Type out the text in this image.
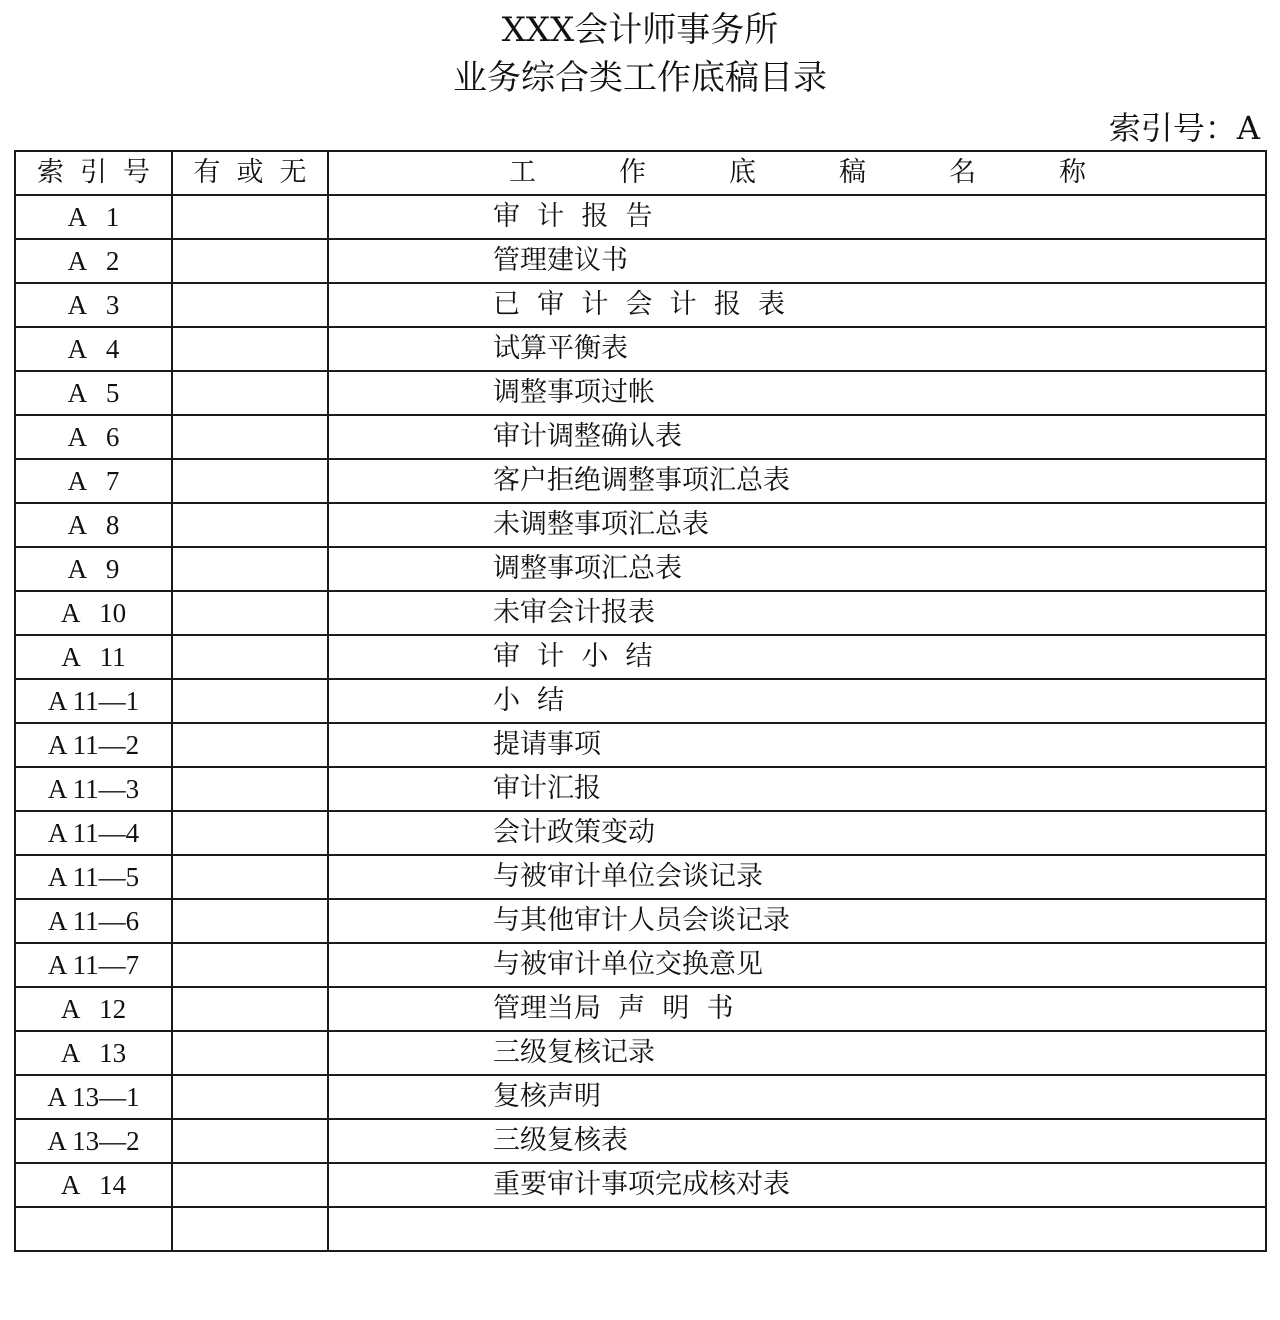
XXX会计师事务所
业务综合类工作底稿目录
索引号：A
索引号	有或无	工 作 底 稿 名 称
A   1		审  计  报  告
A   2		管理建议书
A   3		已  审  计  会  计  报  表
A   4		试算平衡表
A   5		调整事项过帐
A   6		审计调整确认表
A   7		客户拒绝调整事项汇总表
A   8		未调整事项汇总表
A   9		调整事项汇总表
A   10		未审会计报表
A   11		审  计  小  结
A 11—1		小  结
A 11—2		提请事项
A 11—3		审计汇报
A 11—4		会计政策变动
A 11—5		与被审计单位会谈记录
A 11—6		与其他审计人员会谈记录
A 11—7		与被审计单位交换意见
A   12		管理当局  声  明  书
A   13		三级复核记录
A 13—1		复核声明
A 13—2		三级复核表
A   14		重要审计事项完成核对表
